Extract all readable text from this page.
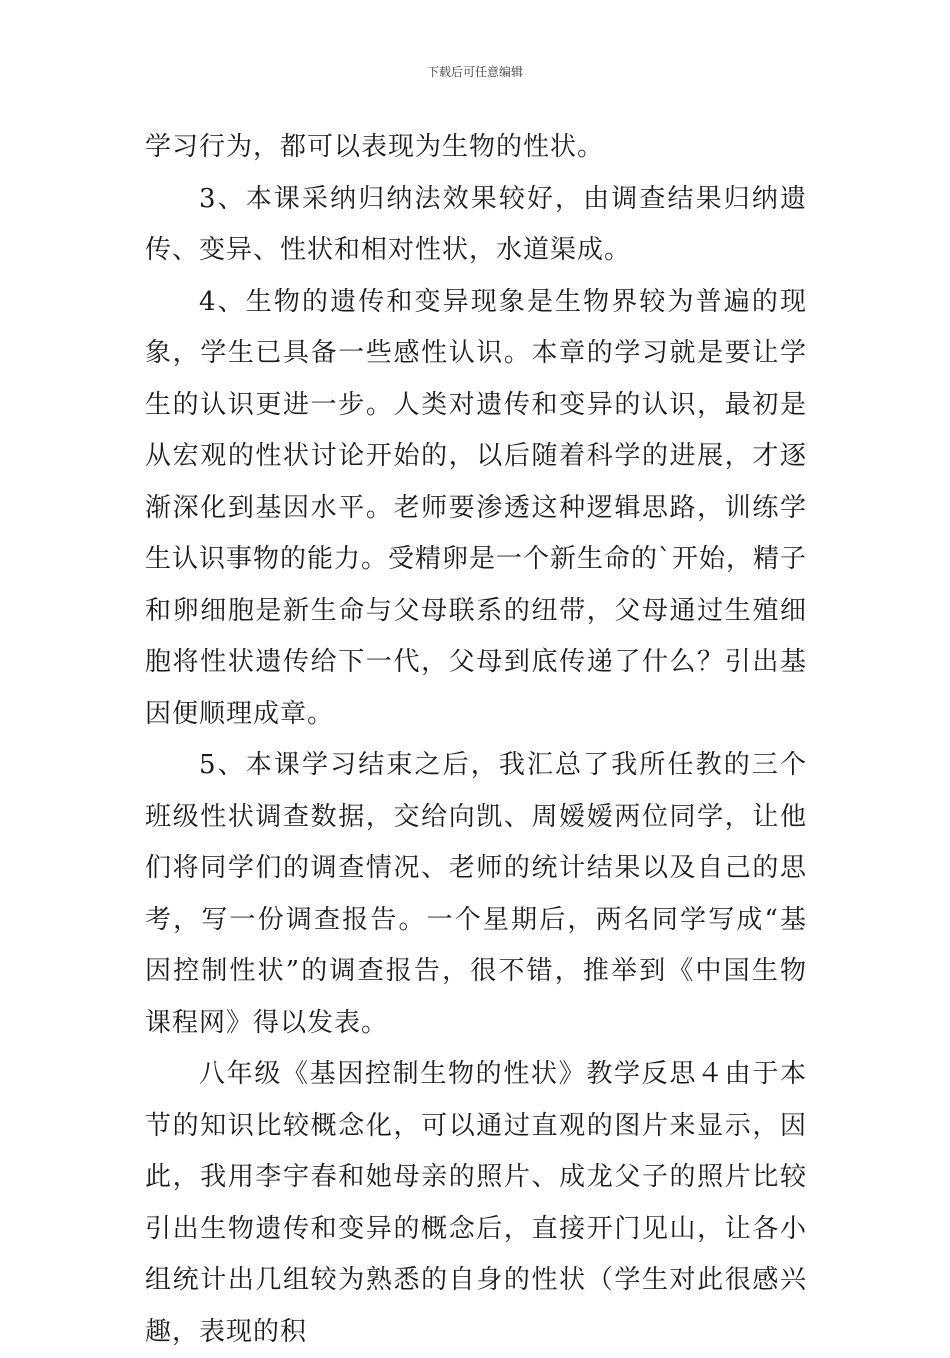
下载后可任意编辑

学习行为，都可以表现为生物的性状。

3、本课采纳归纳法效果较好，由调查结果归纳遗传、变异、性状和相对性状，水道渠成。

4、生物的遗传和变异现象是生物界较为普遍的现象，学生已具备一些感性认识。本章的学习就是要让学生的认识更进一步。人类对遗传和变异的认识，最初是从宏观的性状讨论开始的，以后随着科学的进展，才逐渐深化到基因水平。老师要渗透这种逻辑思路，训练学生认识事物的能力。受精卵是一个新生命的`开始，精子和卵细胞是新生命与父母联系的纽带，父母通过生殖细胞将性状遗传给下一代，父母到底传递了什么？引出基因便顺理成章。

5、本课学习结束之后，我汇总了我所任教的三个班级性状调查数据，交给向凯、周嫒嫒两位同学，让他们将同学们的调查情况、老师的统计结果以及自己的思考，写一份调查报告。一个星期后，两名同学写成“基因控制性状”的调查报告，很不错，推举到《中国生物课程网》得以发表。

八年级《基因控制生物的性状》教学反思４由于本节的知识比较概念化，可以通过直观的图片来显示，因此，我用李宇春和她母亲的照片、成龙父子的照片比较引出生物遗传和变异的概念后，直接开门见山，让各小组统计出几组较为熟悉的自身的性状（学生对此很感兴趣，表现的积
